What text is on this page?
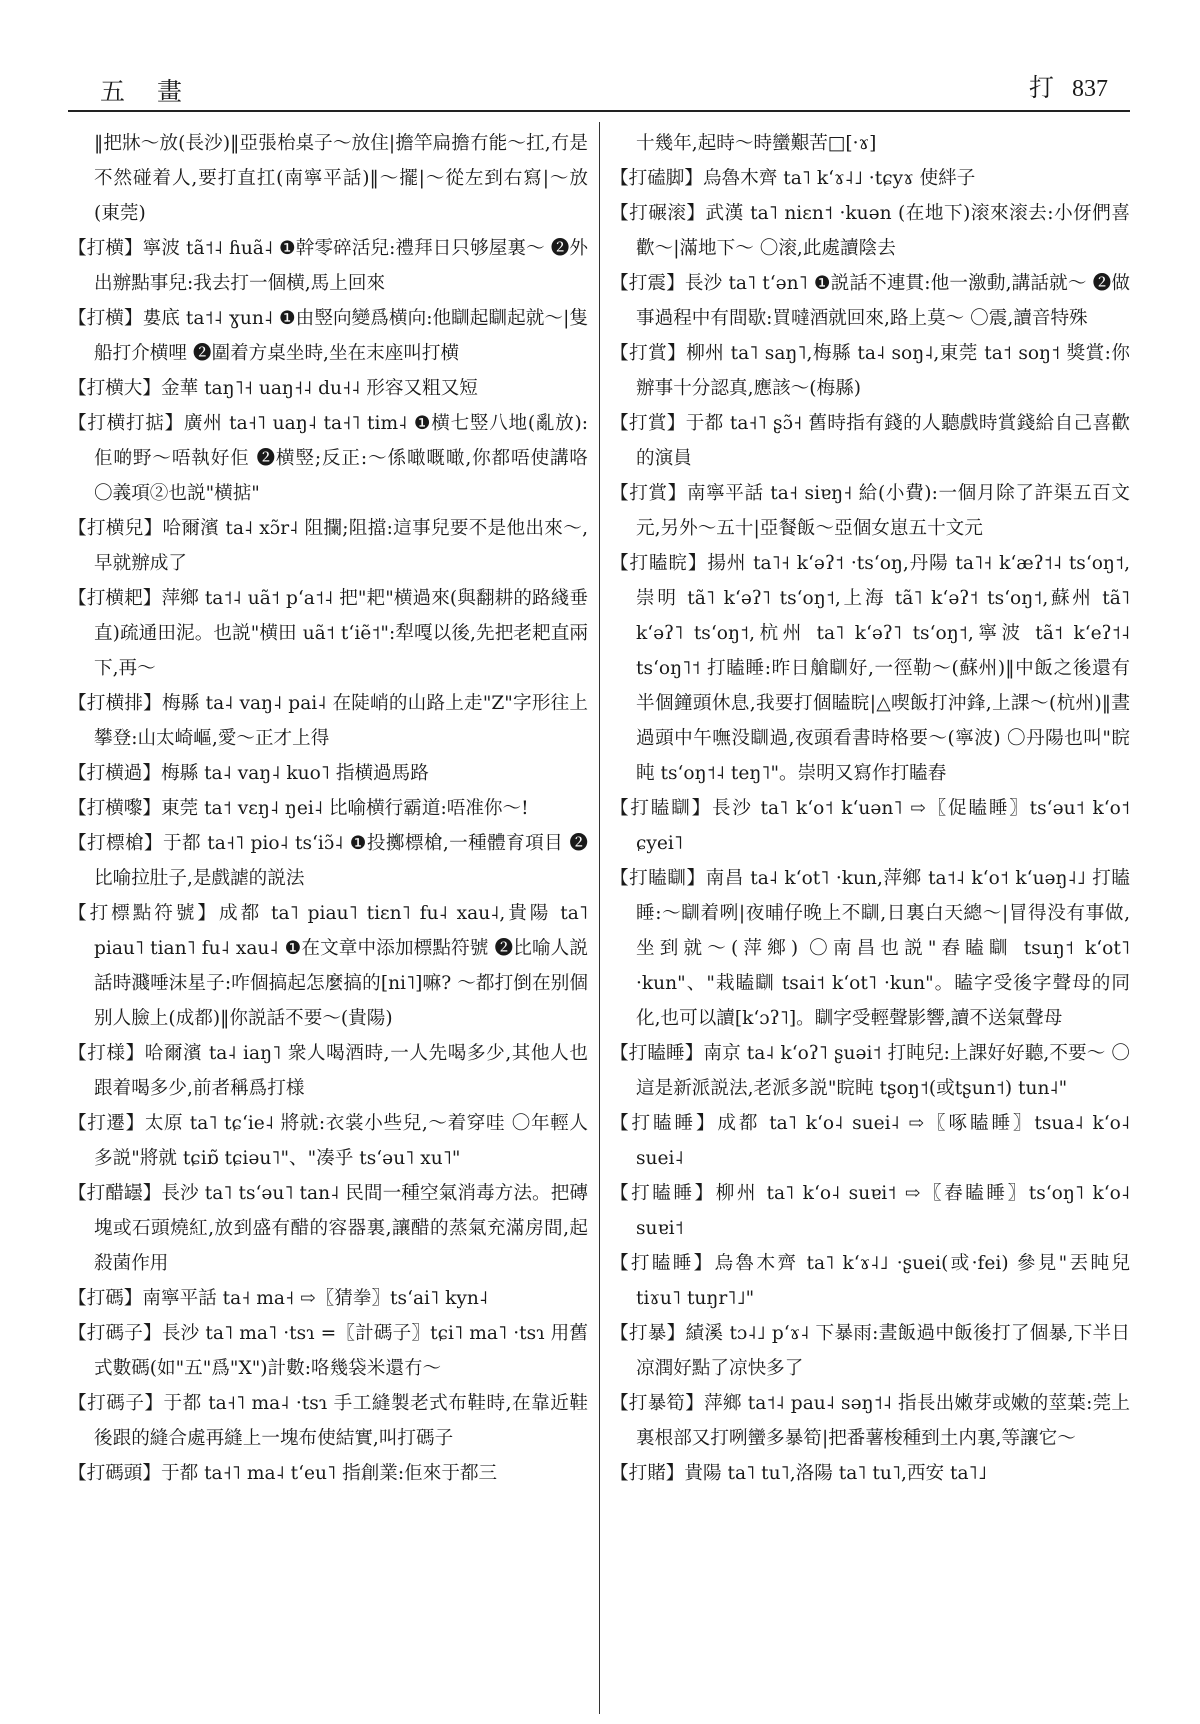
五 畫	打 837

‖把牀～放(長沙)‖亞張枱桌子～放住|擔竿扁擔冇能～扛,冇是不然碰着人,要打直扛(南寧平話)‖～擺|～從左到右寫|～放(東莞)

【打横】寧波 tã˦˨ ɦuã˨ ❶幹零碎活兒:禮拜日只够屋裏～ ❷外出辦點事兒:我去打一個横,馬上回來

【打横】婁底 ta˦˨ ɣun˨ ❶由竪向變爲横向:他瞓起瞓起就～|隻船打介横哩 ❷圍着方桌坐時,坐在末座叫打横

【打横大】金華 taŋ˥˧ uaŋ˧˨ du˧˨ 形容又粗又短

【打横打掂】廣州 ta˧˥ uaŋ˨ ta˧˥ tim˨ ❶横七竪八地(亂放):佢啲野～唔執好佢 ❷横竪;反正:～係噉嘅噉,你都唔使講咯 〇義項②也説"横掂"

【打横兒】哈爾濱 ta˨ xɔ̃r˨ 阻攔;阻擋:這事兒要不是他出來～,早就辦成了

【打横耙】萍鄉 ta˦˨ uã˦ pʻa˦˨ 把"耙"横過來(與翻耕的路綫垂直)疏通田泥。也説"横田 uã˦ tʻiẽ˦":犁嘎以後,先把老耙直兩下,再～

【打横排】梅縣 ta˨ vaŋ˨ pai˨ 在陡峭的山路上走"Z"字形往上攀登:山太崎嶇,愛～正才上得

【打横過】梅縣 ta˨ vaŋ˨ kuo˥ 指横過馬路

【打横嚟】東莞 ta˦ vɛŋ˨ ŋei˨ 比喻横行霸道:唔准你～!

【打標槍】于都 ta˧˥ pio˨ tsʻiɔ̃˨ ❶投擲標槍,一種體育項目 ❷比喻拉肚子,是戲謔的説法

【打標點符號】成都 ta˥ piau˥ tiɛn˥ fu˨ xau˨,貴陽 ta˥ piau˥ tian˥ fu˨ xau˨ ❶在文章中添加標點符號 ❷比喻人説話時濺唾沫星子:咋個搞起怎麼搞的[ni˥]嘛? ～都打倒在别個别人臉上(成都)‖你説話不要～(貴陽)

【打様】哈爾濱 ta˨ iaŋ˥ 衆人喝酒時,一人先喝多少,其他人也跟着喝多少,前者稱爲打様

【打遷】太原 ta˥ tɕʻie˨ 將就:衣裳小些兒,～着穿哇 〇年輕人多説"將就 tɕiɒ̃ tɕiəu˥"、"凑乎 tsʻəu˥ xu˥"

【打醋罎】長沙 ta˥ tsʻəu˥ tan˨ 民間一種空氣消毒方法。把磚塊或石頭燒紅,放到盛有醋的容器裏,讓醋的蒸氣充滿房間,起殺菌作用

【打碼】南寧平話 ta˧ ma˧ ⇨〖猜拳〗tsʻai˥ kyn˨

【打碼子】長沙 ta˥ ma˥ ·tsɿ =〖計碼子〗tɕi˥ ma˥ ·tsɿ 用舊式數碼(如"五"爲"X")計數:咯幾袋米還冇～

【打碼子】于都 ta˧˥ ma˨ ·tsɿ 手工縫製老式布鞋時,在靠近鞋後跟的縫合處再縫上一塊布使結實,叫打碼子

【打碼頭】于都 ta˧˥ ma˨ tʻeu˥ 指創業:佢來于都三

十幾年,起時～時蠻艱苦□[·ɤ]

【打磕脚】烏魯木齊 ta˥ kʻɤ˨˩ ·tɕyɤ 使絆子

【打碾滚】武漢 ta˥ niɛn˦ ·kuən (在地下)滚來滚去:小伢們喜歡～|滿地下～ 〇滚,此處讀陰去

【打震】長沙 ta˥ tʻən˥ ❶説話不連貫:他一激動,講話就～ ❷做事過程中有間歇:買噠酒就回來,路上莫～ 〇震,讀音特殊

【打賞】柳州 ta˥ saŋ˥,梅縣 ta˨ soŋ˨,東莞 ta˦ soŋ˦ 獎賞:你辦事十分認真,應該～(梅縣)

【打賞】于都 ta˧˥ ʂɔ̃˧ 舊時指有錢的人聽戲時賞錢給自己喜歡的演員

【打賞】南寧平話 ta˧ siɐŋ˧ 給(小費):一個月除了許渠五百文元,另外～五十|亞餐飯～亞個女崽五十文元

【打瞌睆】揚州 ta˥˧ kʻəʔ˦ ·tsʻoŋ,丹陽 ta˥˧ kʻæʔ˦˨ tsʻoŋ˦,崇明 tã˥ kʻəʔ˥ tsʻoŋ˦,上海 tã˥ kʻəʔ˦ tsʻoŋ˦,蘇州 tã˥ kʻəʔ˥ tsʻoŋ˦,杭州 ta˥ kʻəʔ˥ tsʻoŋ˦,寧波 tã˦ kʻeʔ˦˨ tsʻoŋ˥˦ 打瞌睡:昨日艙瞓好,一徑勒～(蘇州)‖中飯之後還有半個鐘頭休息,我要打個瞌睆|△喫飯打沖鋒,上課～(杭州)‖晝過頭中午嘸没瞓過,夜頭看書時格要～(寧波) 〇丹陽也叫"睆盹 tsʻoŋ˦˨ teŋ˥"。崇明又寫作打瞌舂

【打瞌瞓】長沙 ta˥ kʻo˦ kʻuən˥ ⇨〖促瞌睡〗tsʻəu˦ kʻo˦ ɕyei˥

【打瞌瞓】南昌 ta˨ kʻot˥ ·kun,萍鄉 ta˦˨ kʻo˦ kʻuəŋ˨˩ 打瞌睡:～瞓着咧|夜晡仔晚上不瞓,日裏白天總～|冒得没有事做,坐到就～(萍鄉) 〇南昌也説"舂瞌瞓 tsuŋ˦ kʻot˥ ·kun"、"栽瞌瞓 tsai˦ kʻot˥ ·kun"。瞌字受後字聲母的同化,也可以讀[kʻɔʔ˥]。瞓字受輕聲影響,讀不送氣聲母

【打瞌睡】南京 ta˨ kʻoʔ˥ ʂuəi˦ 打盹兒:上課好好聽,不要～ 〇這是新派説法,老派多説"睆盹 tʂoŋ˦(或tʂun˦) tun˨"

【打瞌睡】成都 ta˥ kʻo˨ suei˨ ⇨〖啄瞌睡〗tsua˨ kʻo˨ suei˨

【打瞌睡】柳州 ta˥ kʻo˨ suɐi˦ ⇨〖舂瞌睡〗tsʻoŋ˥ kʻo˨ suɐi˦

【打瞌睡】烏魯木齊 ta˥ kʻɤ˨˩ ·ʂuei(或·fei) 參見"丟盹兒 tiɤu˥ tuŋr˥˩"

【打暴】績溪 tɔ˨˩ pʻɤ˨ 下暴雨:晝飯過中飯後打了個暴,下半日凉潤好點了凉快多了

【打暴筍】萍鄉 ta˦˨ pau˨ səŋ˦˨ 指長出嫩芽或嫩的莖葉:莞上裏根部又打咧蠻多暴筍|把番薯梭種到土内裏,等讓它～

【打賭】貴陽 ta˥ tu˥,洛陽 ta˥ tu˥,西安 ta˥˩
